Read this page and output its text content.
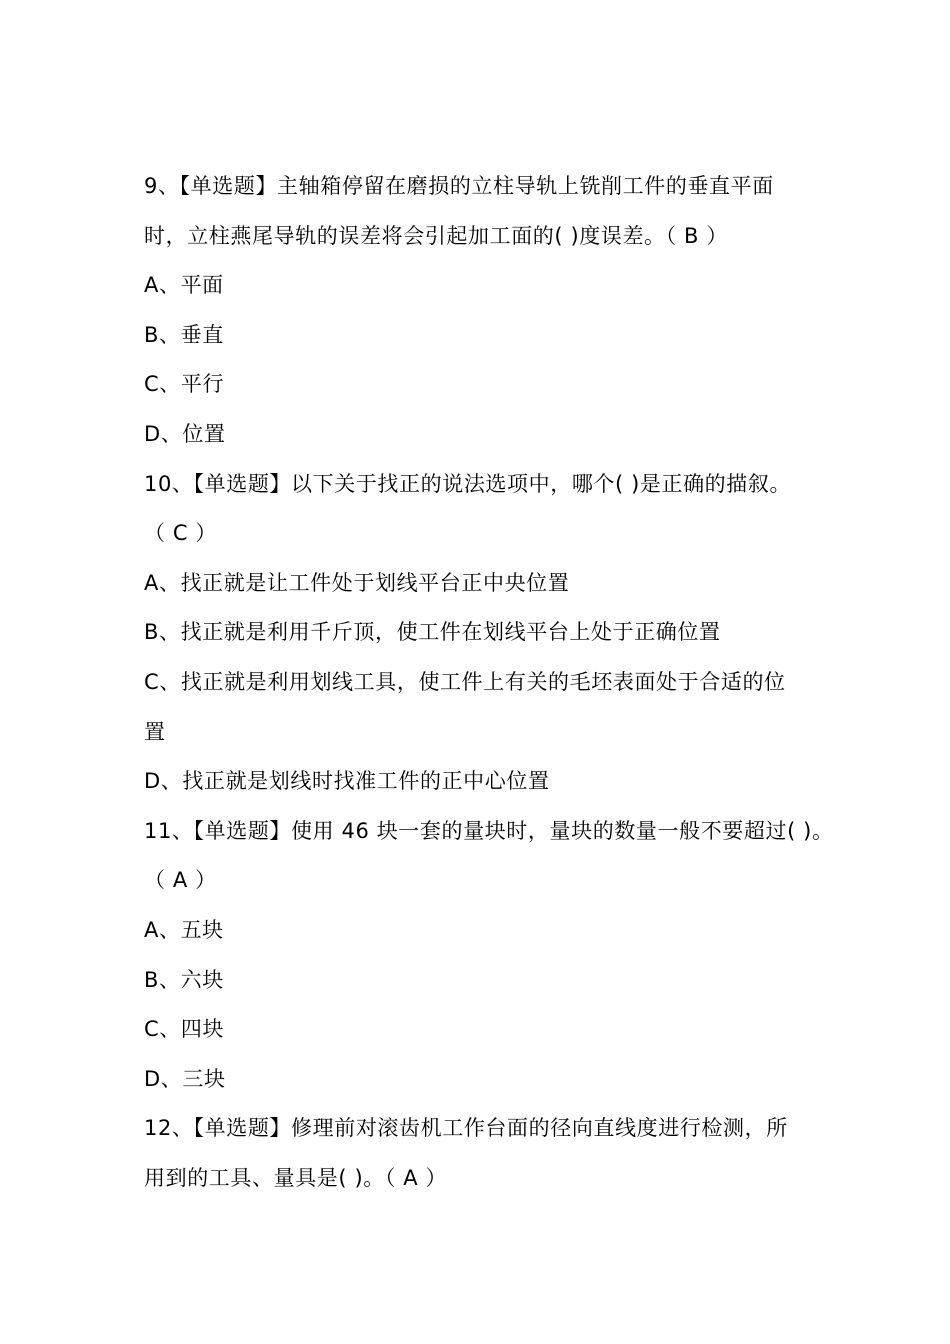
9、【单选题】主轴箱停留在磨损的立柱导轨上铣削工件的垂直平面
时，立柱燕尾导轨的误差将会引起加工面的( )度误差。（ B ）
A、平面
B、垂直
C、平行
D、位置
10、【单选题】以下关于找正的说法选项中，哪个( )是正确的描叙。
（ C ）
A、找正就是让工件处于划线平台正中央位置
B、找正就是利用千斤顶，使工件在划线平台上处于正确位置
C、找正就是利用划线工具，使工件上有关的毛坯表面处于合适的位
置
D、找正就是划线时找准工件的正中心位置
11、【单选题】使用 46 块一套的量块时，量块的数量一般不要超过( )。
（ A ）
A、五块
B、六块
C、四块
D、三块
12、【单选题】修理前对滚齿机工作台面的径向直线度进行检测，所
用到的工具、量具是( )。（ A ）
